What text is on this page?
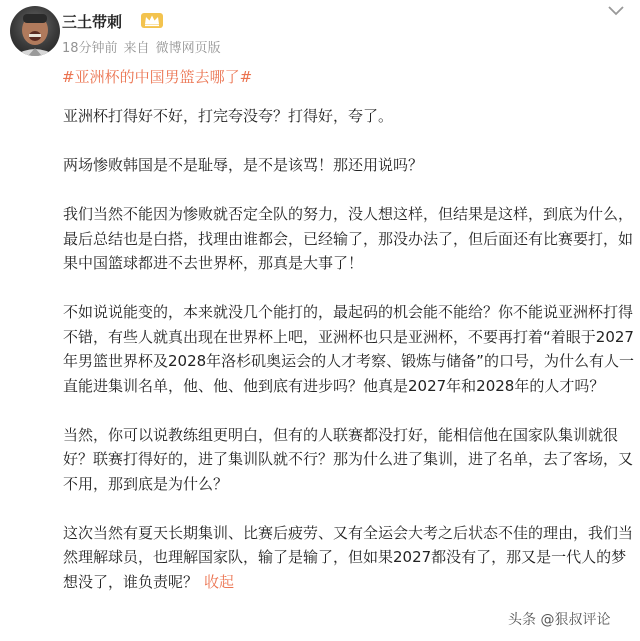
三土带刺
18分钟前 来自 微博网页版
#亚洲杯的中国男篮去哪了#

亚洲杯打得好不好，打完夸没夸？打得好，夸了。

两场惨败韩国是不是耻辱，是不是该骂！那还用说吗？

我们当然不能因为惨败就否定全队的努力，没人想这样，但结果是这样，到底为什么，最后总结也是白搭，找理由谁都会，已经输了，那没办法了，但后面还有比赛要打，如果中国篮球都进不去世界杯，那真是大事了！

不如说说能变的，本来就没几个能打的，最起码的机会能不能给？你不能说亚洲杯打得不错，有些人就真出现在世界杯上吧，亚洲杯也只是亚洲杯，不要再打着“着眼于2027年男篮世界杯及2028年洛杉矶奥运会的人才考察、锻炼与储备”的口号，为什么有人一直能进集训名单，他、他、他到底有进步吗？他真是2027年和2028年的人才吗？

当然，你可以说教练组更明白，但有的人联赛都没打好，能相信他在国家队集训就很好？联赛打得好的，进了集训队就不行？那为什么进了集训，进了名单，去了客场，又不用，那到底是为什么？

这次当然有夏天长期集训、比赛后疲劳、又有全运会大考之后状态不佳的理由，我们当然理解球员，也理解国家队，输了是输了，但如果2027都没有了，那又是一代人的梦想没了，谁负责呢？ 收起

头条 @狠叔评论
